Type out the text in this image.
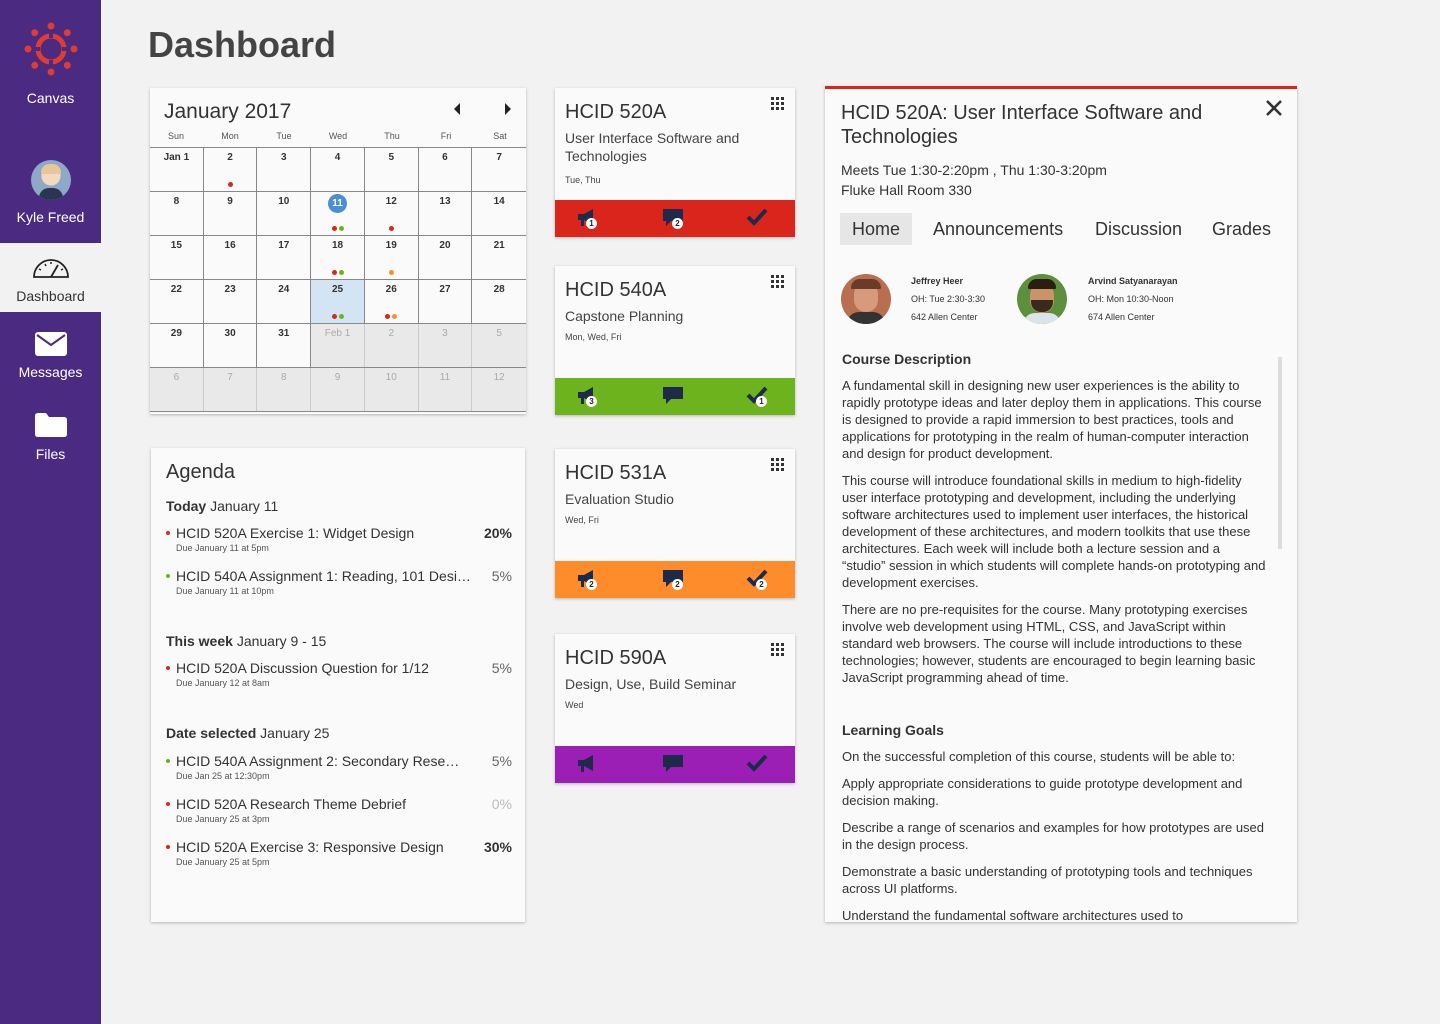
Canvas
Kyle Freed
Dashboard
Messages
Files
Dashboard
January 2017
Sun	Mon	Tue	Wed	Thu	Fri	Sat
Jan 1	2	3	4	5	6	7
8	9	10	11	12	13	14
15	16	17	18	19	20	21
22	23	24	25	26	27	28
29	30	31	Feb 1	2	3	5
6	7	8	9	10	11	12
Agenda
Today January 11
HCID 520A Exercise 1: Widget Design
Due January 11 at 5pm
20%
HCID 540A Assignment 1: Reading, 101 Desi…
Due January 11 at 10pm
5%
This week January 9 - 15
HCID 520A Discussion Question for 1/12
Due January 12 at 8am
5%
Date selected January 25
HCID 540A Assignment 2: Secondary Rese…
Due Jan 25 at 12:30pm
5%
HCID 520A Research Theme Debrief
Due January 25 at 3pm
0%
HCID 520A Exercise 3: Responsive Design
Due January 25 at 5pm
30%
HCID 520A
User Interface Software and Technologies
Tue, Thu
1	2
HCID 540A
Capstone Planning
Mon, Wed, Fri
3	1
HCID 531A
Evaluation Studio
Wed, Fri
2	2	2
HCID 590A
Design, Use, Build Seminar
Wed
HCID 520A: User Interface Software and Technologies
Meets Tue 1:30-2:20pm , Thu 1:30-3:20pm
Fluke Hall Room 330
Home	Announcements	Discussion	Grades
Jeffrey Heer
OH: Tue 2:30-3:30
642 Allen Center
Arvind Satyanarayan
OH: Mon 10:30-Noon
674 Allen Center
Course Description

A fundamental skill in designing new user experiences is the ability to rapidly prototype ideas and later deploy them in applications. This course is designed to provide a rapid immersion to best practices, tools and applications for prototyping in the realm of human-computer interaction and design for product development.

This course will introduce foundational skills in medium to high-fidelity user interface prototyping and development, including the underlying software architectures used to implement user interfaces, the historical development of these architectures, and modern toolkits that use these architectures. Each week will include both a lecture session and a “studio” session in which students will complete hands-on prototyping and development exercises.

There are no pre-requisites for the course. Many prototyping exercises involve web development using HTML, CSS, and JavaScript within standard web browsers. The course will include introductions to these technologies; however, students are encouraged to begin learning basic JavaScript programming ahead of time.

Learning Goals

On the successful completion of this course, students will be able to:

Apply appropriate considerations to guide prototype development and decision making.

Describe a range of scenarios and examples for how prototypes are used in the design process.

Demonstrate a basic understanding of prototyping tools and techniques across UI platforms.

Understand the fundamental software architectures used to
